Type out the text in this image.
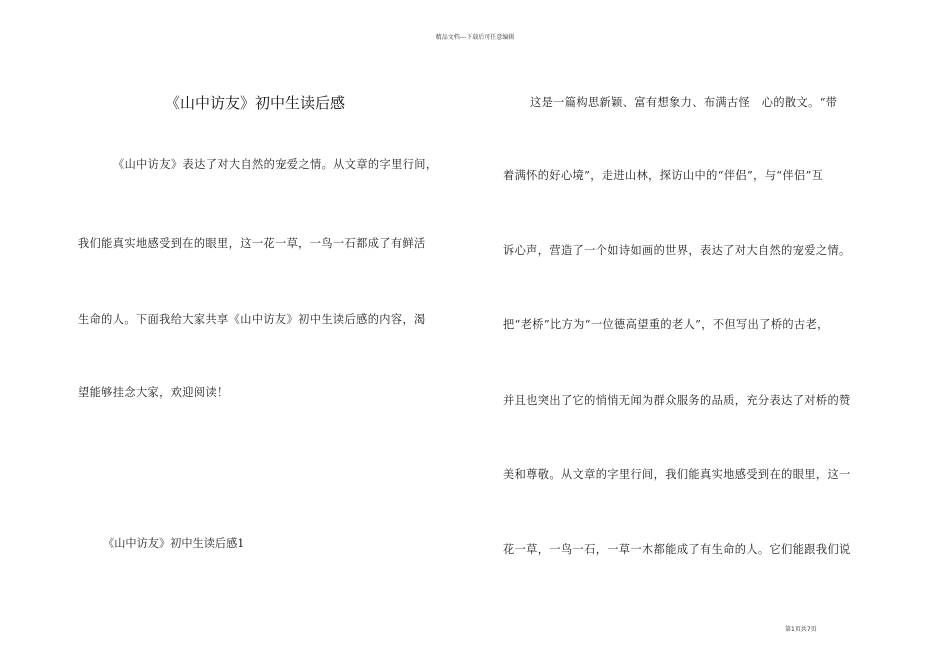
精品文档---下载后可任意编辑
《山中访友》初中生读后感
《山中访友》表达了对大自然的宠爱之情。从文章的字里行间，
我们能真实地感受到在的眼里，这一花一草，一鸟一石都成了有鲜活
生命的人。下面我给大家共享《山中访友》初中生读后感的内容，渴
望能够挂念大家，欢迎阅读！
《山中访友》初中生读后感1
这是一篇构思新颖、富有想象力、布满古怪　心的散文。“带
着满怀的好心境”，走进山林，探访山中的“伴侣”，与“伴侣”互
诉心声，营造了一个如诗如画的世界，表达了对大自然的宠爱之情。
把“老桥”比方为“一位德高望重的老人”，不但写出了桥的古老，
并且也突出了它的悄悄无闻为群众服务的品质，充分表达了对桥的赞
美和尊敬。从文章的字里行间，我们能真实地感受到在的眼里，这一
花一草，一鸟一石，一草一木都能成了有生命的人。它们能跟我们说
第1页共7页
